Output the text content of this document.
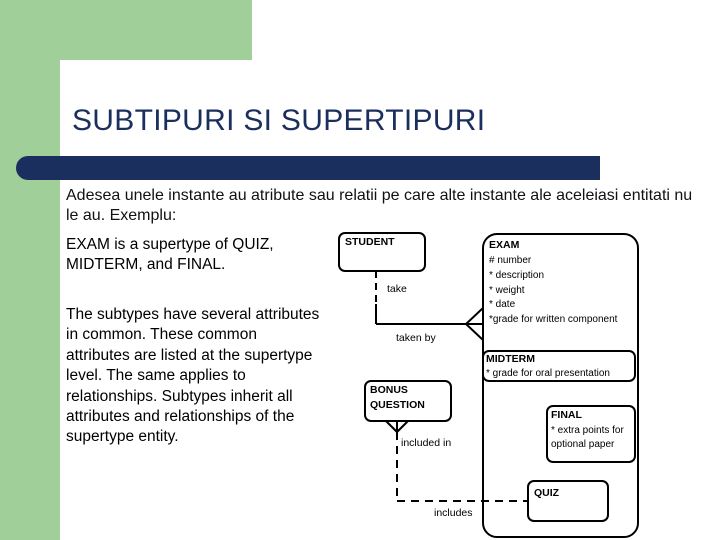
SUBTIPURI SI SUPERTIPURI

Adesea unele instante au atribute sau relatii pe care alte instante ale aceleiasi entitati nu le au. Exemplu:

EXAM is a supertype of QUIZ, MIDTERM, and FINAL.

The subtypes have several attributes in common. These common attributes are listed at the supertype level. The same applies to relationships. Subtypes inherit all attributes and relationships of the supertype entity.

STUDENT	EXAM
# number
* description
* weight
* date
*grade for written component
MIDTERM
* grade for oral presentation
FINAL
* extra points for
optional paper
QUIZ
BONUS
QUESTION
take
taken by
included in
includes
